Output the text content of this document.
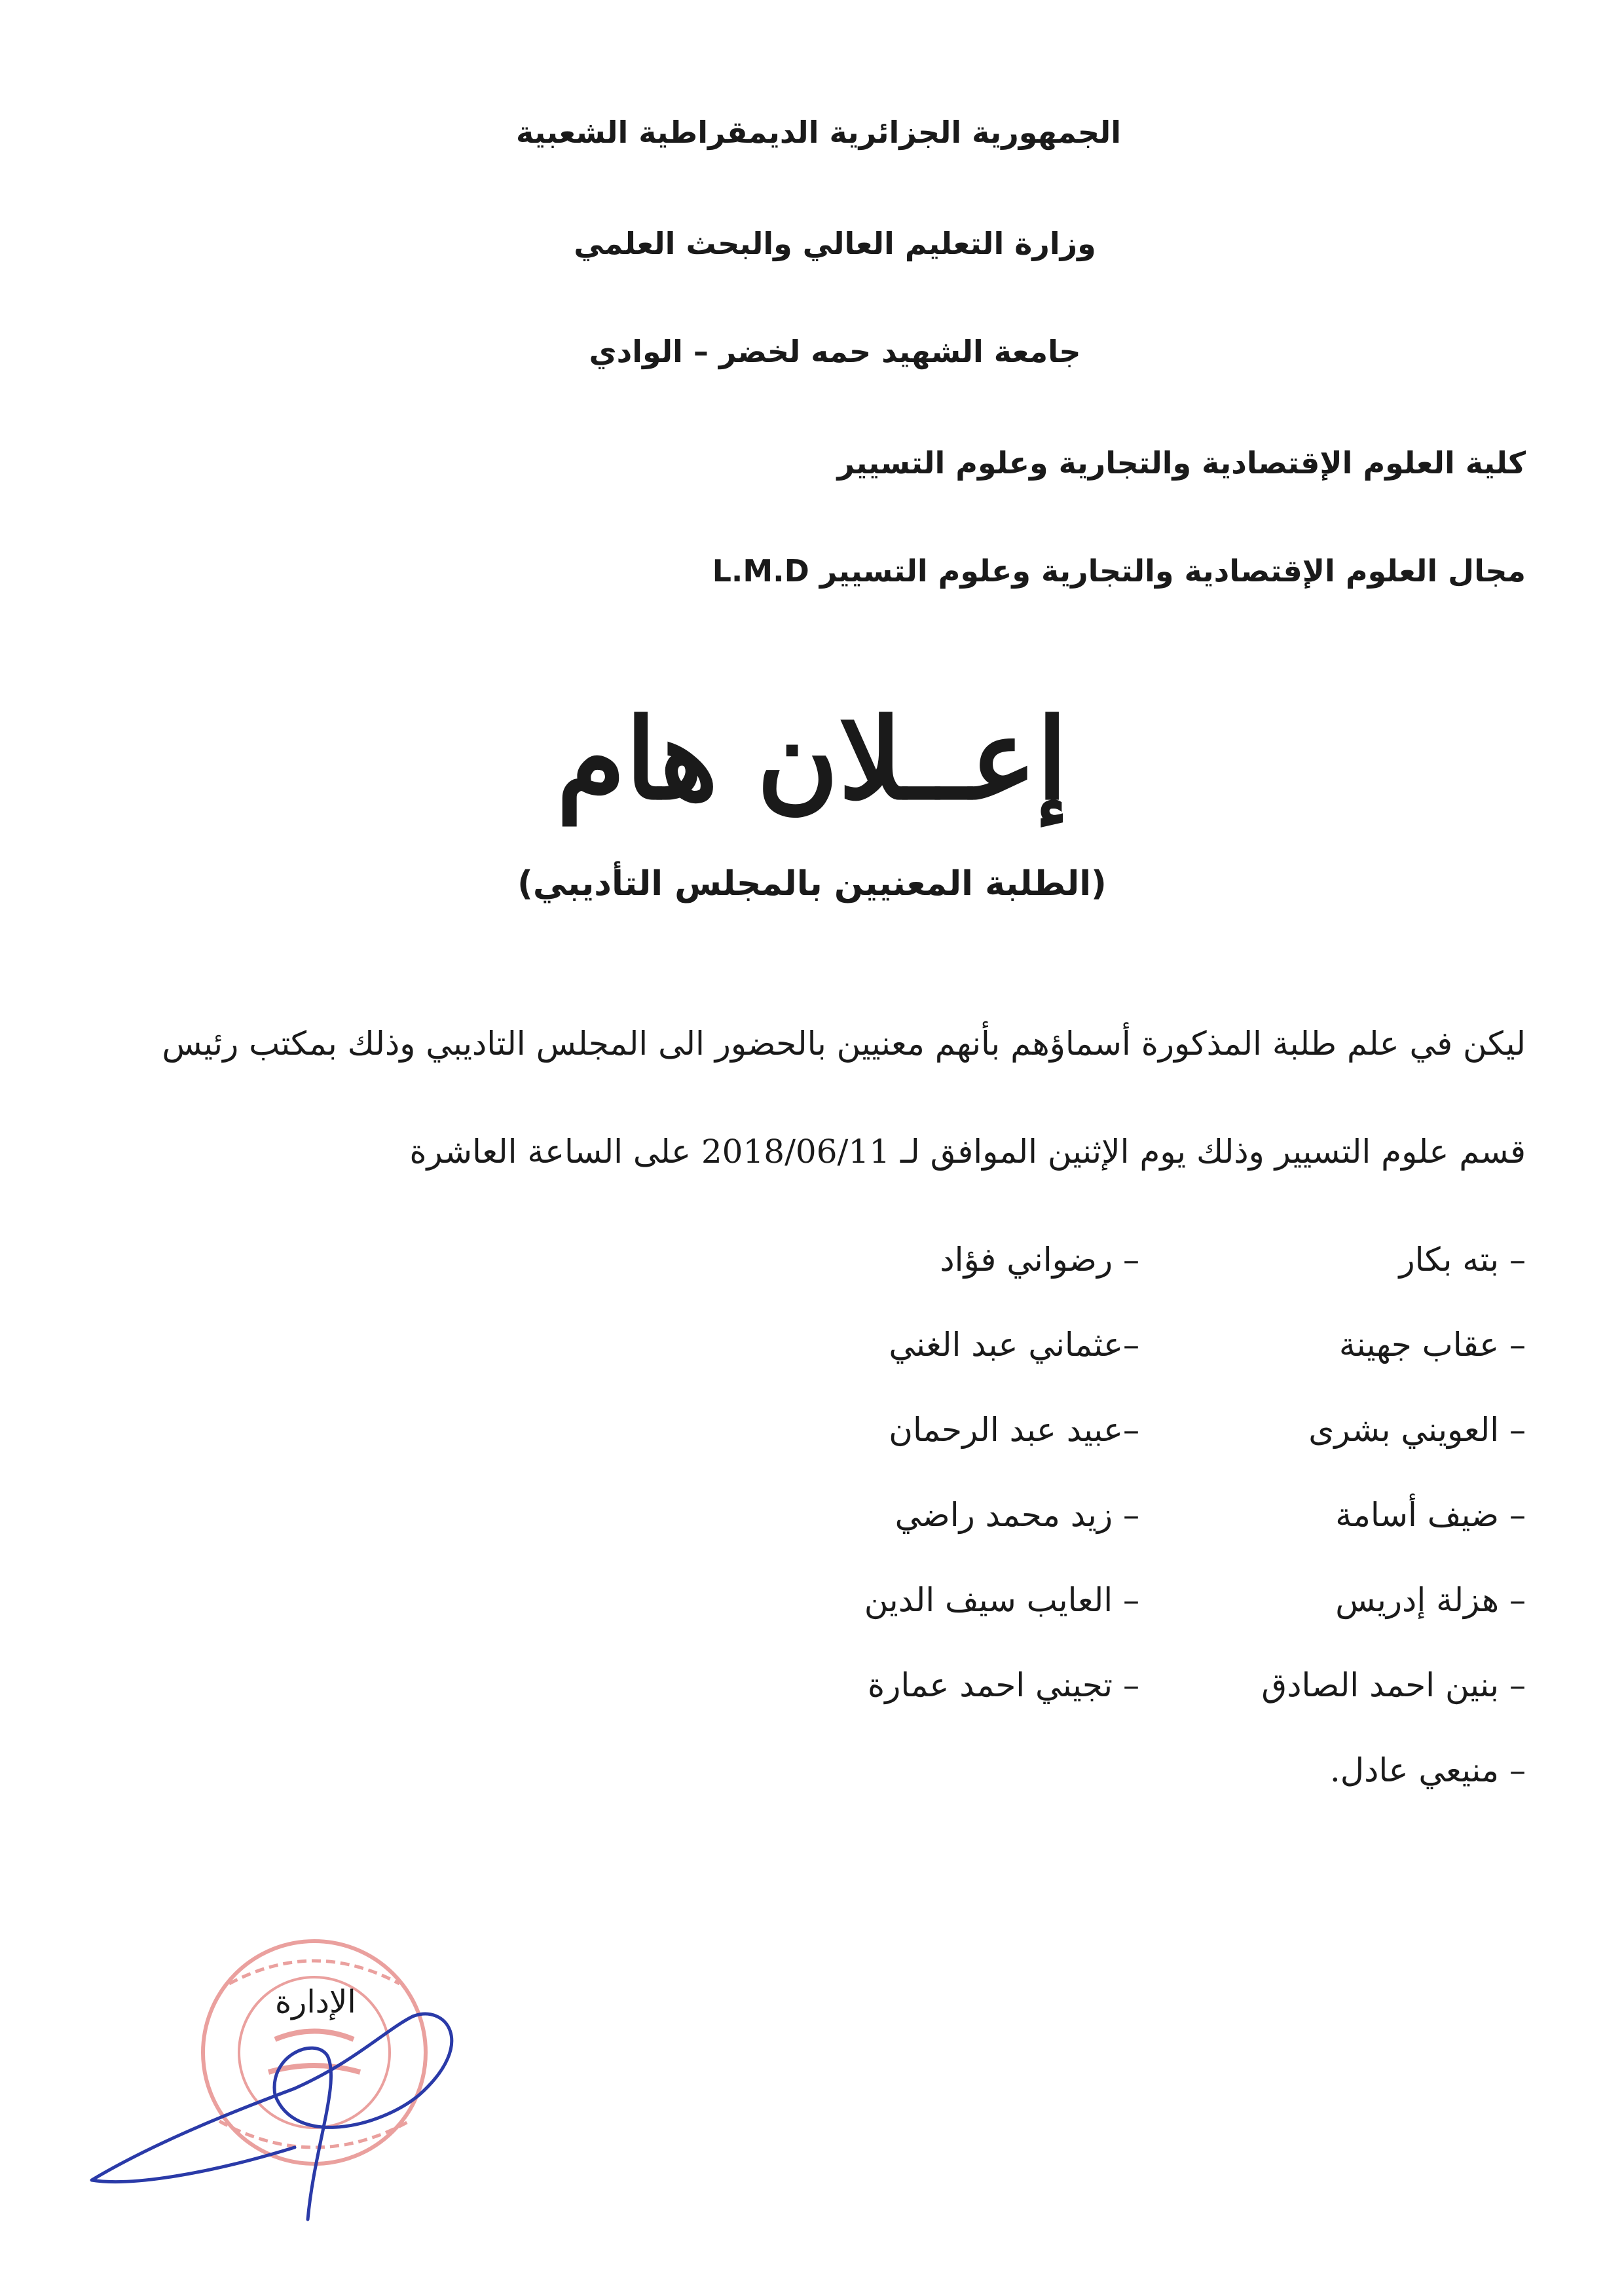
الجمهورية الجزائرية الديمقراطية الشعبية
وزارة التعليم العالي والبحث العلمي
جامعة الشهيد حمه لخضر – الوادي
كلية العلوم الإقتصادية والتجارية وعلوم التسيير
مجال العلوم الإقتصادية والتجارية وعلوم التسيير L.M.D
إعــلان هام
(الطلبة المعنيين بالمجلس التأديبي)
ليكن في علم طلبة المذكورة أسماؤهم بأنهم معنيين بالحضور الى المجلس التاديبي وذلك بمكتب رئيس
قسم علوم التسيير وذلك يوم الإثنين الموافق لـ 2018/06/11 على الساعة العاشرة
– بته بكار
– عقاب جهينة
– العويني بشرى
– ضيف أسامة
– هزلة إدريس
– بنين احمد الصادق
– منيعي عادل.
– رضواني فؤاد
–عثماني عبد الغني
–عبيد عبد الرحمان
– زيد محمد راضي
– العايب سيف الدين
– تجيني احمد عمارة
الإدارة
